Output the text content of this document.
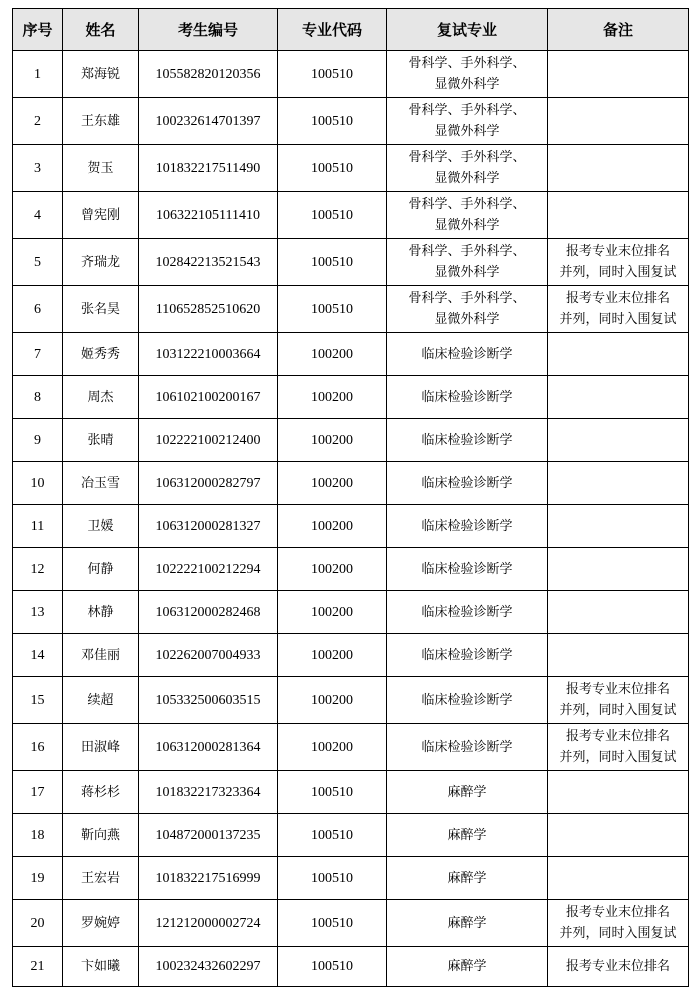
序号	姓名	考生编号	专业代码	复试专业	备注
1	郑海锐	105582820120356	100510	骨科学、手外科学、
显微外科学	
2	王东雄	100232614701397	100510	骨科学、手外科学、
显微外科学	
3	贺玉	101832217511490	100510	骨科学、手外科学、
显微外科学	
4	曾宪刚	106322105111410	100510	骨科学、手外科学、
显微外科学	
5	齐瑞龙	102842213521543	100510	骨科学、手外科学、
显微外科学	报考专业末位排名
并列，同时入围复试
6	张名昊	110652852510620	100510	骨科学、手外科学、
显微外科学	报考专业末位排名
并列，同时入围复试
7	姬秀秀	103122210003664	100200	临床检验诊断学	
8	周杰	106102100200167	100200	临床检验诊断学	
9	张晴	102222100212400	100200	临床检验诊断学	
10	冶玉雪	106312000282797	100200	临床检验诊断学	
11	卫媛	106312000281327	100200	临床检验诊断学	
12	何静	102222100212294	100200	临床检验诊断学	
13	林静	106312000282468	100200	临床检验诊断学	
14	邓佳丽	102262007004933	100200	临床检验诊断学	
15	续超	105332500603515	100200	临床检验诊断学	报考专业末位排名
并列，同时入围复试
16	田淑峰	106312000281364	100200	临床检验诊断学	报考专业末位排名
并列，同时入围复试
17	蒋杉杉	101832217323364	100510	麻醉学	
18	靳向燕	104872000137235	100510	麻醉学	
19	王宏岩	101832217516999	100510	麻醉学	
20	罗婉婷	121212000002724	100510	麻醉学	报考专业末位排名
并列，同时入围复试
21	卞如曦	100232432602297	100510	麻醉学	报考专业末位排名
